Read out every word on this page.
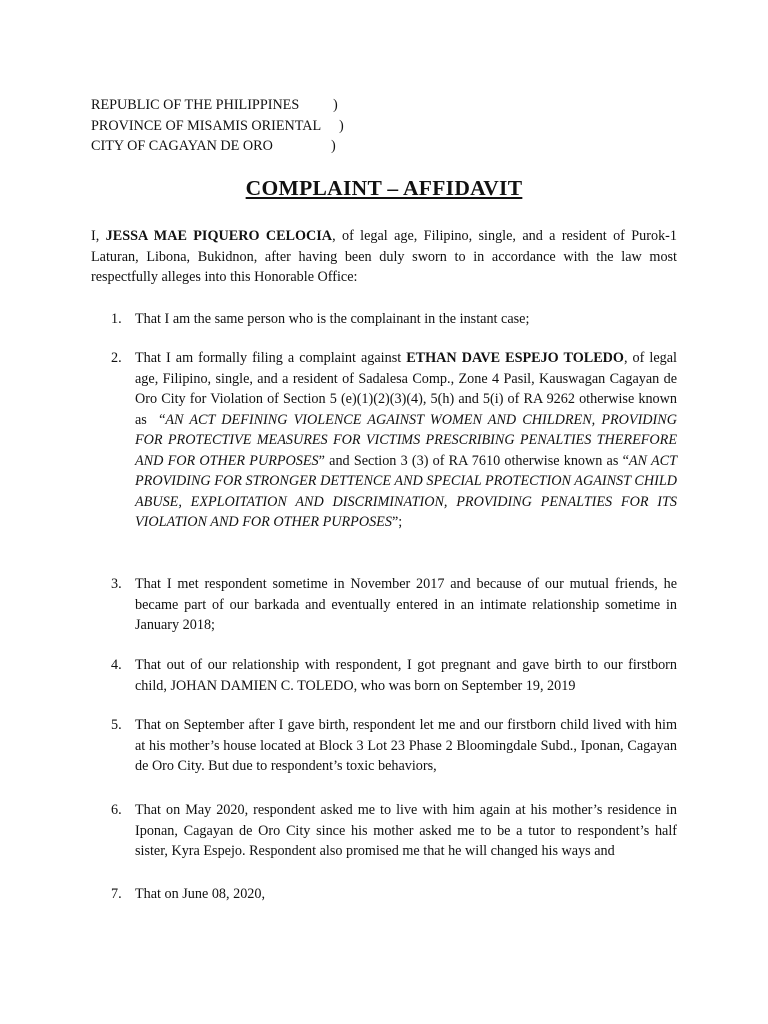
REPUBLIC OF THE PHILIPPINES )
PROVINCE OF MISAMIS ORIENTAL )
CITY OF CAGAYAN DE ORO	)
COMPLAINT – AFFIDAVIT
I, JESSA MAE PIQUERO CELOCIA, of legal age, Filipino, single, and a resident of Purok-1 Laturan, Libona, Bukidnon, after having been duly sworn to in accordance with the law most respectfully alleges into this Honorable Office:
1. That I am the same person who is the complainant in the instant case;
2. That I am formally filing a complaint against ETHAN DAVE ESPEJO TOLEDO, of legal age, Filipino, single, and a resident of Sadalesa Comp., Zone 4 Pasil, Kauswagan Cagayan de Oro City for Violation of Section 5 (e)(1)(2)(3)(4), 5(h) and 5(i) of RA 9262 otherwise known as  “AN ACT DEFINING VIOLENCE AGAINST WOMEN AND CHILDREN, PROVIDING FOR PROTECTIVE MEASURES FOR VICTIMS PRESCRIBING PENALTIES THEREFORE AND FOR OTHER PURPOSES” and Section 3 (3) of RA 7610 otherwise known as “AN ACT PROVIDING FOR STRONGER DETTENCE AND SPECIAL PROTECTION AGAINST CHILD ABUSE, EXPLOITATION AND DISCRIMINATION, PROVIDING PENALTIES FOR ITS VIOLATION AND FOR OTHER PURPOSES”;
3. That I met respondent sometime in November 2017 and because of our mutual friends, he became part of our barkada and eventually entered in an intimate relationship sometime in January 2018;
4. That out of our relationship with respondent, I got pregnant and gave birth to our firstborn child, JOHAN DAMIEN C. TOLEDO, who was born on September 19, 2019
5. That on September after I gave birth, respondent let me and our firstborn child lived with him at his mother’s house located at Block 3 Lot 23 Phase 2 Bloomingdale Subd., Iponan, Cagayan de Oro City. But due to respondent’s toxic behaviors,
6. That on May 2020, respondent asked me to live with him again at his mother’s residence in Iponan, Cagayan de Oro City since his mother asked me to be a tutor to respondent’s half sister, Kyra Espejo. Respondent also promised me that he will changed his ways and
7. That on June 08, 2020,
